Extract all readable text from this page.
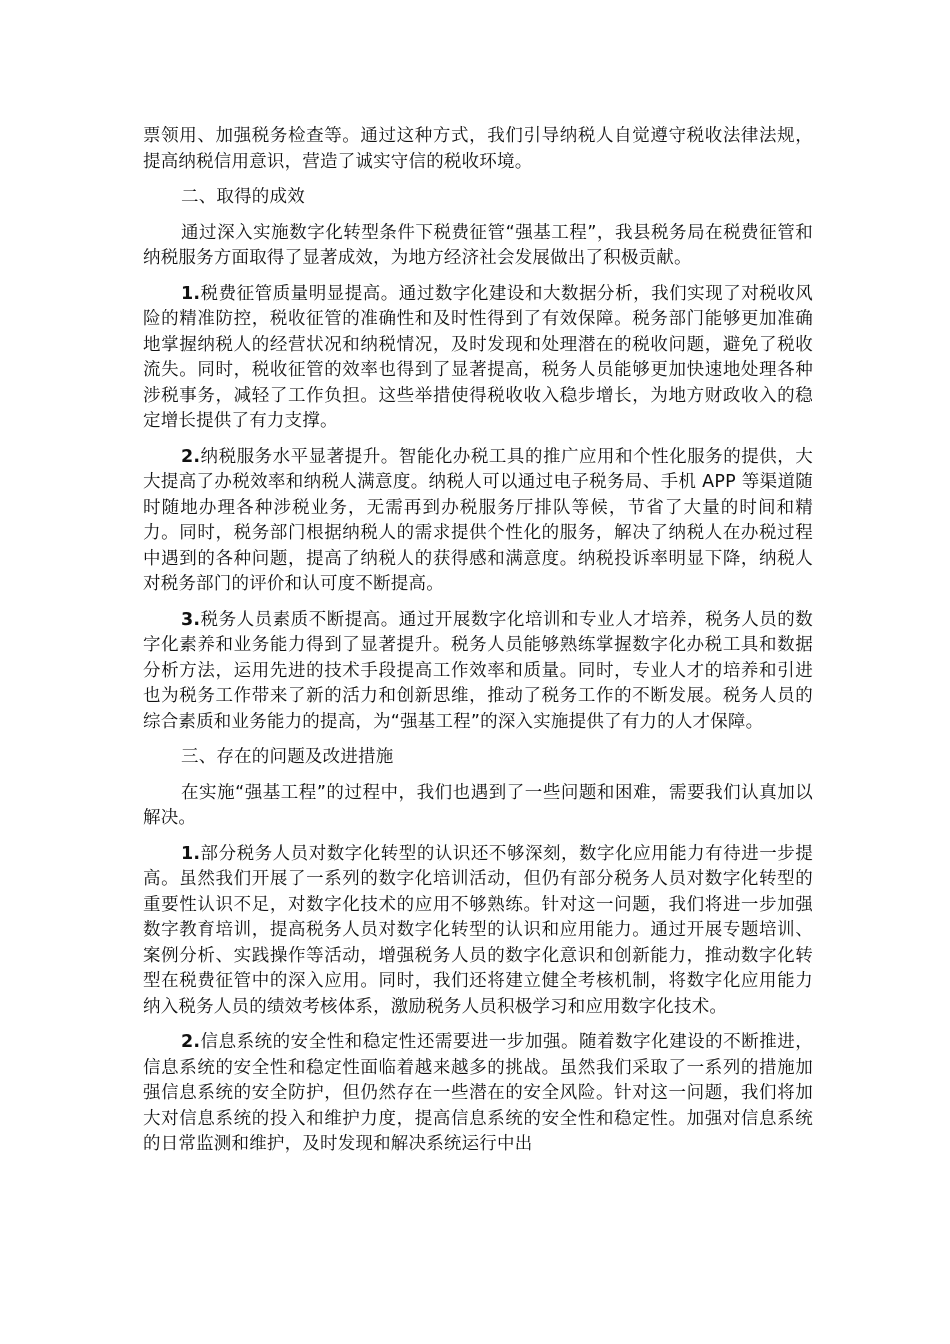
票领用、加强税务检查等。通过这种方式，我们引导纳税人自觉遵守税收法律法规，提高纳税信用意识，营造了诚实守信的税收环境。

二、取得的成效

通过深入实施数字化转型条件下税费征管“强基工程”，我县税务局在税费征管和纳税服务方面取得了显著成效，为地方经济社会发展做出了积极贡献。

1.税费征管质量明显提高。通过数字化建设和大数据分析，我们实现了对税收风险的精准防控，税收征管的准确性和及时性得到了有效保障。税务部门能够更加准确地掌握纳税人的经营状况和纳税情况，及时发现和处理潜在的税收问题，避免了税收流失。同时，税收征管的效率也得到了显著提高，税务人员能够更加快速地处理各种涉税事务，减轻了工作负担。这些举措使得税收收入稳步增长，为地方财政收入的稳定增长提供了有力支撑。

2.纳税服务水平显著提升。智能化办税工具的推广应用和个性化服务的提供，大大提高了办税效率和纳税人满意度。纳税人可以通过电子税务局、手机 APP 等渠道随时随地办理各种涉税业务，无需再到办税服务厅排队等候，节省了大量的时间和精力。同时，税务部门根据纳税人的需求提供个性化的服务，解决了纳税人在办税过程中遇到的各种问题，提高了纳税人的获得感和满意度。纳税投诉率明显下降，纳税人对税务部门的评价和认可度不断提高。

3.税务人员素质不断提高。通过开展数字化培训和专业人才培养，税务人员的数字化素养和业务能力得到了显著提升。税务人员能够熟练掌握数字化办税工具和数据分析方法，运用先进的技术手段提高工作效率和质量。同时，专业人才的培养和引进也为税务工作带来了新的活力和创新思维，推动了税务工作的不断发展。税务人员的综合素质和业务能力的提高，为“强基工程”的深入实施提供了有力的人才保障。

三、存在的问题及改进措施

在实施“强基工程”的过程中，我们也遇到了一些问题和困难，需要我们认真加以解决。

1.部分税务人员对数字化转型的认识还不够深刻，数字化应用能力有待进一步提高。虽然我们开展了一系列的数字化培训活动，但仍有部分税务人员对数字化转型的重要性认识不足，对数字化技术的应用不够熟练。针对这一问题，我们将进一步加强数字教育培训，提高税务人员对数字化转型的认识和应用能力。通过开展专题培训、案例分析、实践操作等活动，增强税务人员的数字化意识和创新能力，推动数字化转型在税费征管中的深入应用。同时，我们还将建立健全考核机制，将数字化应用能力纳入税务人员的绩效考核体系，激励税务人员积极学习和应用数字化技术。

2.信息系统的安全性和稳定性还需要进一步加强。随着数字化建设的不断推进，信息系统的安全性和稳定性面临着越来越多的挑战。虽然我们采取了一系列的措施加强信息系统的安全防护，但仍然存在一些潜在的安全风险。针对这一问题，我们将加大对信息系统的投入和维护力度，提高信息系统的安全性和稳定性。加强对信息系统的日常监测和维护，及时发现和解决系统运行中出
